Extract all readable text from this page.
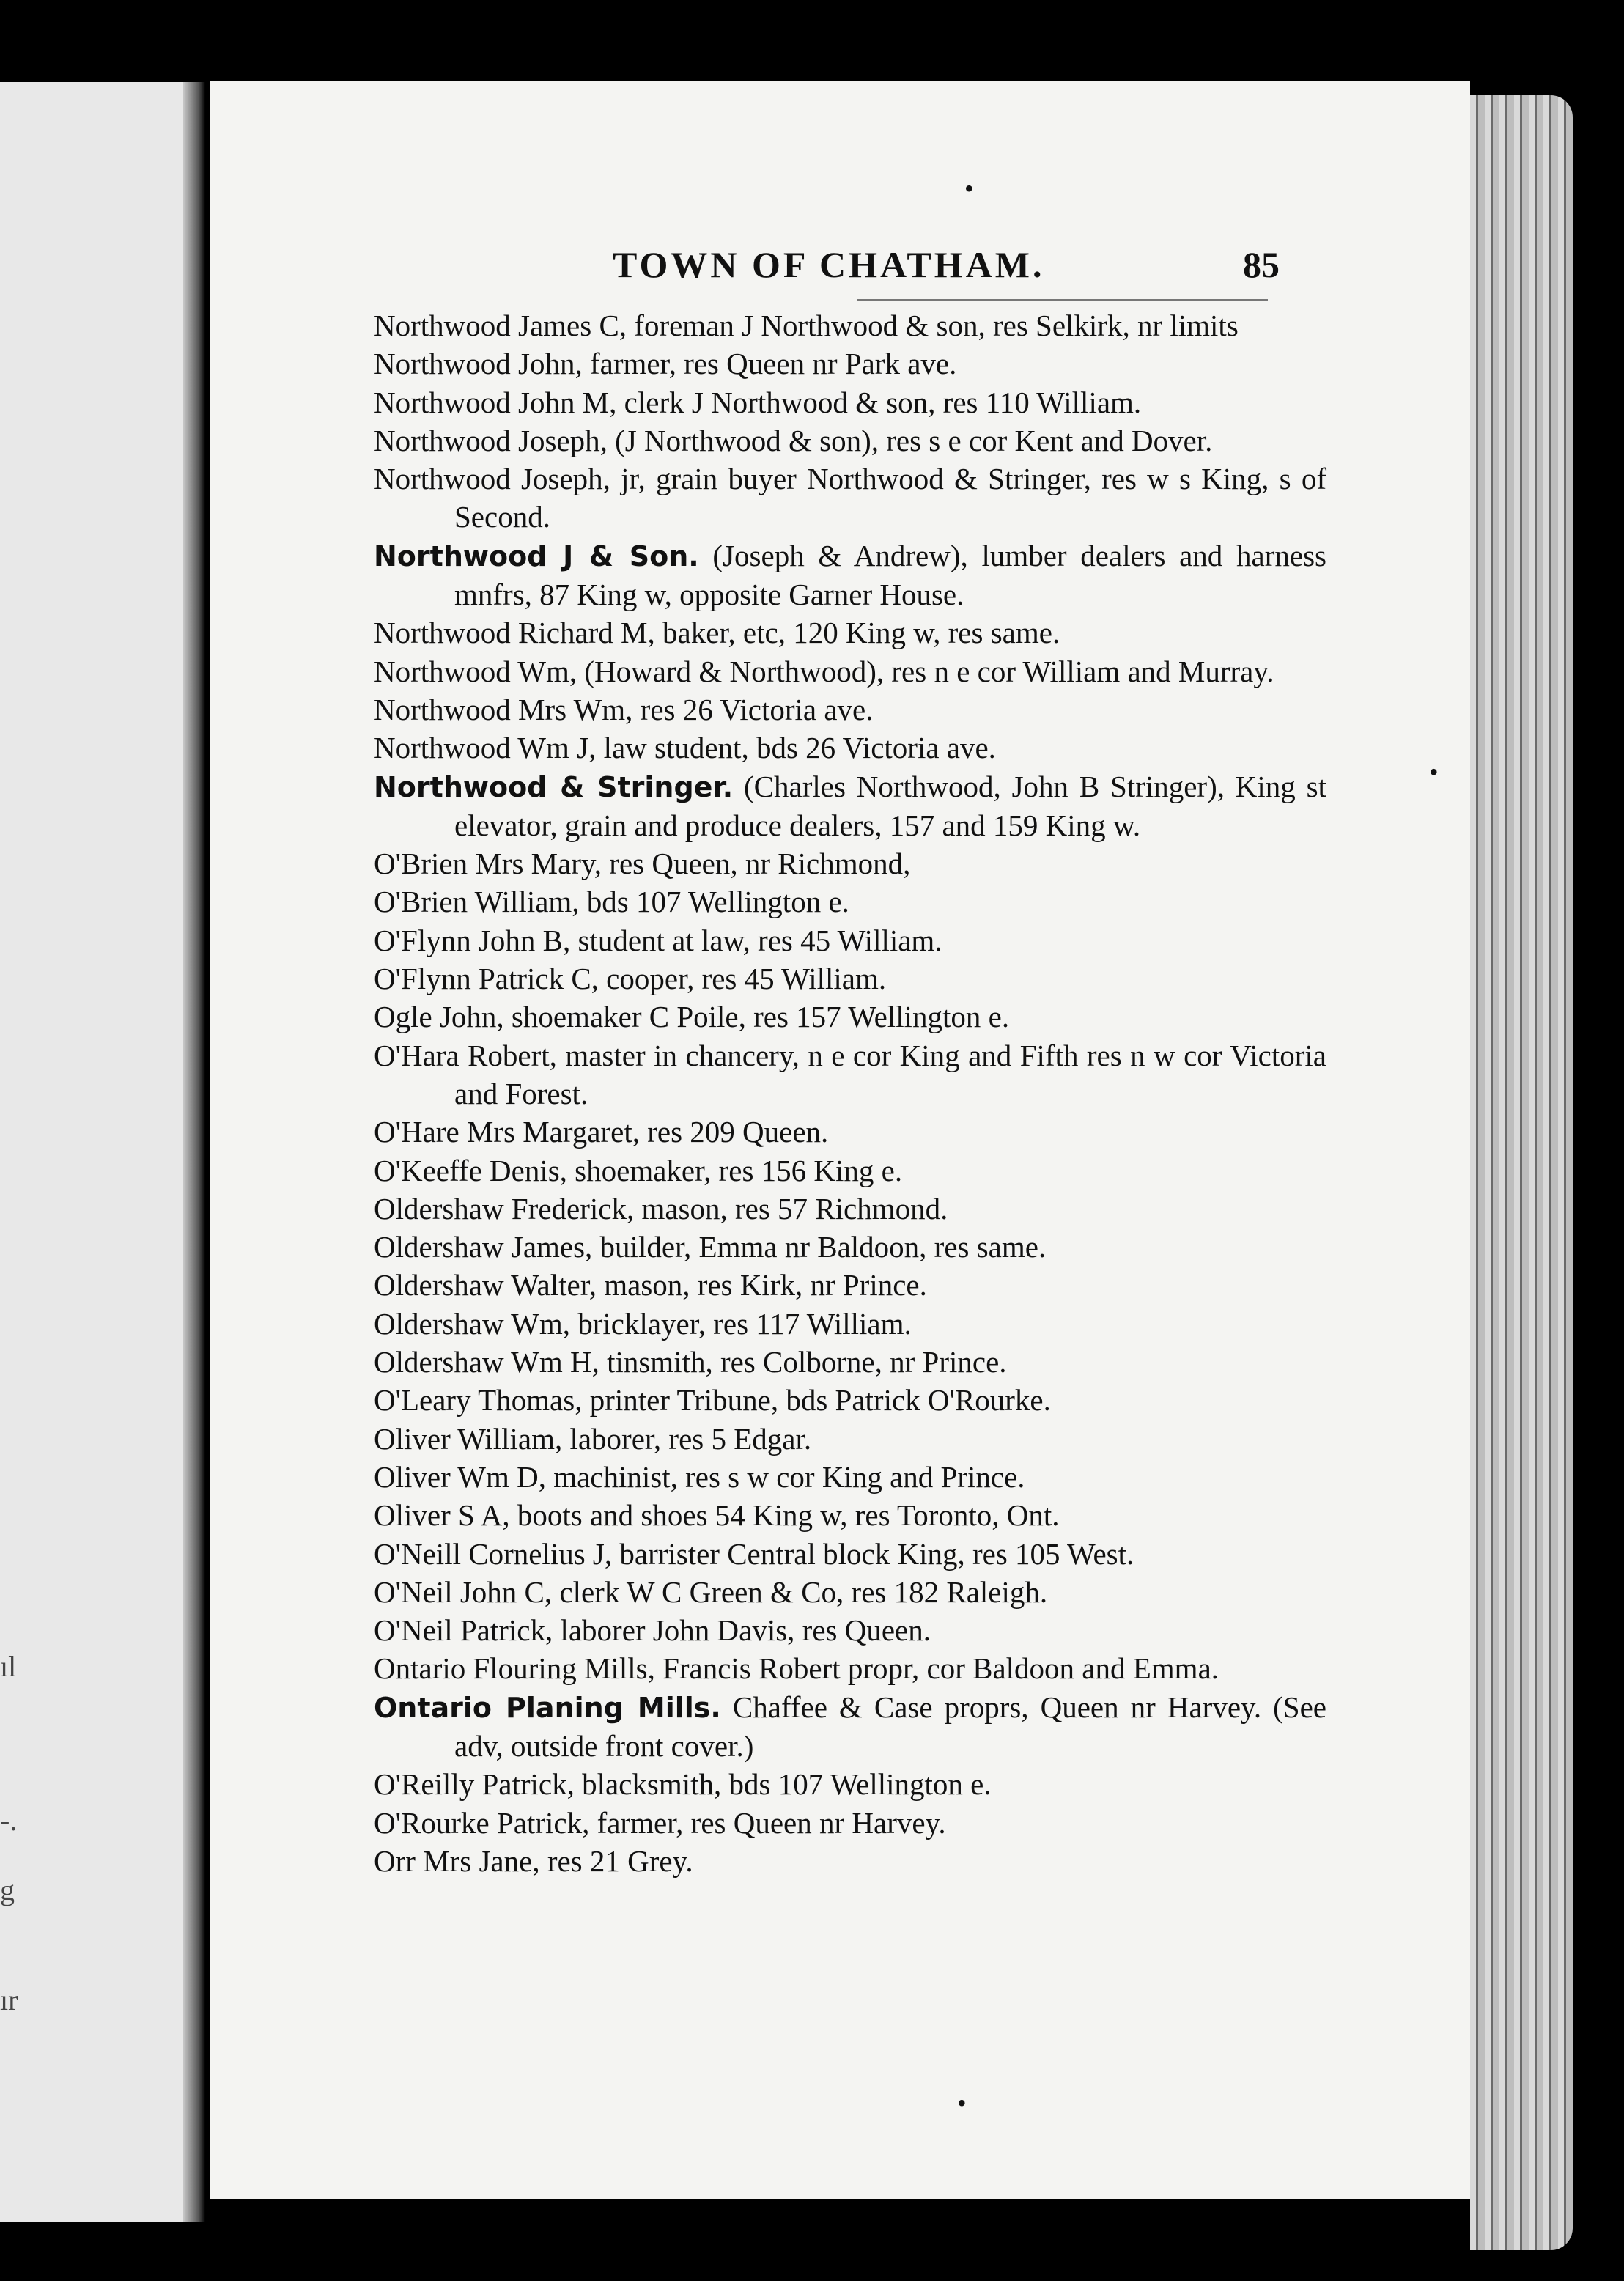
ıl
-.
g
ır
TOWN OF CHATHAM.	85
Northwood James C, foreman J Northwood & son, res Selkirk, nr limits
Northwood John, farmer, res Queen nr Park ave.
Northwood John M, clerk J Northwood & son, res 110 William.
Northwood Joseph, (J Northwood & son), res s e cor Kent and Dover.
Northwood Joseph, jr, grain buyer Northwood & Stringer, res w s King, s of Second.
Northwood J & Son. (Joseph & Andrew), lumber dealers and harness mnfrs, 87 King w, opposite Garner House.
Northwood Richard M, baker, etc, 120 King w, res same.
Northwood Wm, (Howard & Northwood), res n e cor William and Murray.
Northwood Mrs Wm, res 26 Victoria ave.
Northwood Wm J, law student, bds 26 Victoria ave.
Northwood & Stringer. (Charles Northwood, John B Stringer), King st elevator, grain and produce dealers, 157 and 159 King w.
O'Brien Mrs Mary, res Queen, nr Richmond,
O'Brien William, bds 107 Wellington e.
O'Flynn John B, student at law, res 45 William.
O'Flynn Patrick C, cooper, res 45 William.
Ogle John, shoemaker C Poile, res 157 Wellington e.
O'Hara Robert, master in chancery, n e cor King and Fifth res n w cor Victoria and Forest.
O'Hare Mrs Margaret, res 209 Queen.
O'Keeffe Denis, shoemaker, res 156 King e.
Oldershaw Frederick, mason, res 57 Richmond.
Oldershaw James, builder, Emma nr Baldoon, res same.
Oldershaw Walter, mason, res Kirk, nr Prince.
Oldershaw Wm, bricklayer, res 117 William.
Oldershaw Wm H, tinsmith, res Colborne, nr Prince.
O'Leary Thomas, printer Tribune, bds Patrick O'Rourke.
Oliver William, laborer, res 5 Edgar.
Oliver Wm D, machinist, res s w cor King and Prince.
Oliver S A, boots and shoes 54 King w, res Toronto, Ont.
O'Neill Cornelius J, barrister Central block King, res 105 West.
O'Neil John C, clerk W C Green & Co, res 182 Raleigh.
O'Neil Patrick, laborer John Davis, res Queen.
Ontario Flouring Mills, Francis Robert propr, cor Baldoon and Emma.
Ontario Planing Mills. Chaffee & Case proprs, Queen nr Harvey. (See adv, outside front cover.)
O'Reilly Patrick, blacksmith, bds 107 Wellington e.
O'Rourke Patrick, farmer, res Queen nr Harvey.
Orr Mrs Jane, res 21 Grey.
•
•
•
